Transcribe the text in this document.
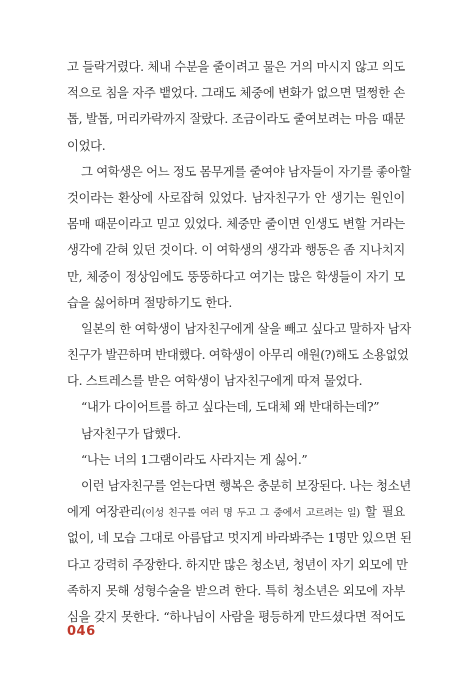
고 들락거렸다. 체내 수분을 줄이려고 물은 거의 마시지 않고 의도
적으로 침을 자주 뱉었다. 그래도 체중에 변화가 없으면 멀쩡한 손
톱, 발톱, 머리카락까지 잘랐다. 조금이라도 줄여보려는 마음 때문
이었다.
그 여학생은 어느 정도 몸무게를 줄여야 남자들이 자기를 좋아할
것이라는 환상에 사로잡혀 있었다. 남자친구가 안 생기는 원인이
몸매 때문이라고 믿고 있었다. 체중만 줄이면 인생도 변할 거라는
생각에 갇혀 있던 것이다. 이 여학생의 생각과 행동은 좀 지나치지
만, 체중이 정상임에도 뚱뚱하다고 여기는 많은 학생들이 자기 모
습을 싫어하며 절망하기도 한다.
일본의 한 여학생이 남자친구에게 살을 빼고 싶다고 말하자 남자
친구가 발끈하며 반대했다. 여학생이 아무리 애원(?)해도 소용없었
다. 스트레스를 받은 여학생이 남자친구에게 따져 물었다.
“내가 다이어트를 하고 싶다는데, 도대체 왜 반대하는데?”
남자친구가 답했다.
“나는 너의 1그램이라도 사라지는 게 싫어.”
이런 남자친구를 얻는다면 행복은 충분히 보장된다. 나는 청소년
에게 여장관리(이성 친구를 여러 명 두고 그 중에서 고르려는 일) 할 필요
없이, 네 모습 그대로 아름답고 멋지게 바라봐주는 1명만 있으면 된
다고 강력히 주장한다. 하지만 많은 청소년, 청년이 자기 외모에 만
족하지 못해 성형수술을 받으려 한다. 특히 청소년은 외모에 자부
심을 갖지 못한다. “하나님이 사람을 평등하게 만드셨다면 적어도
046
